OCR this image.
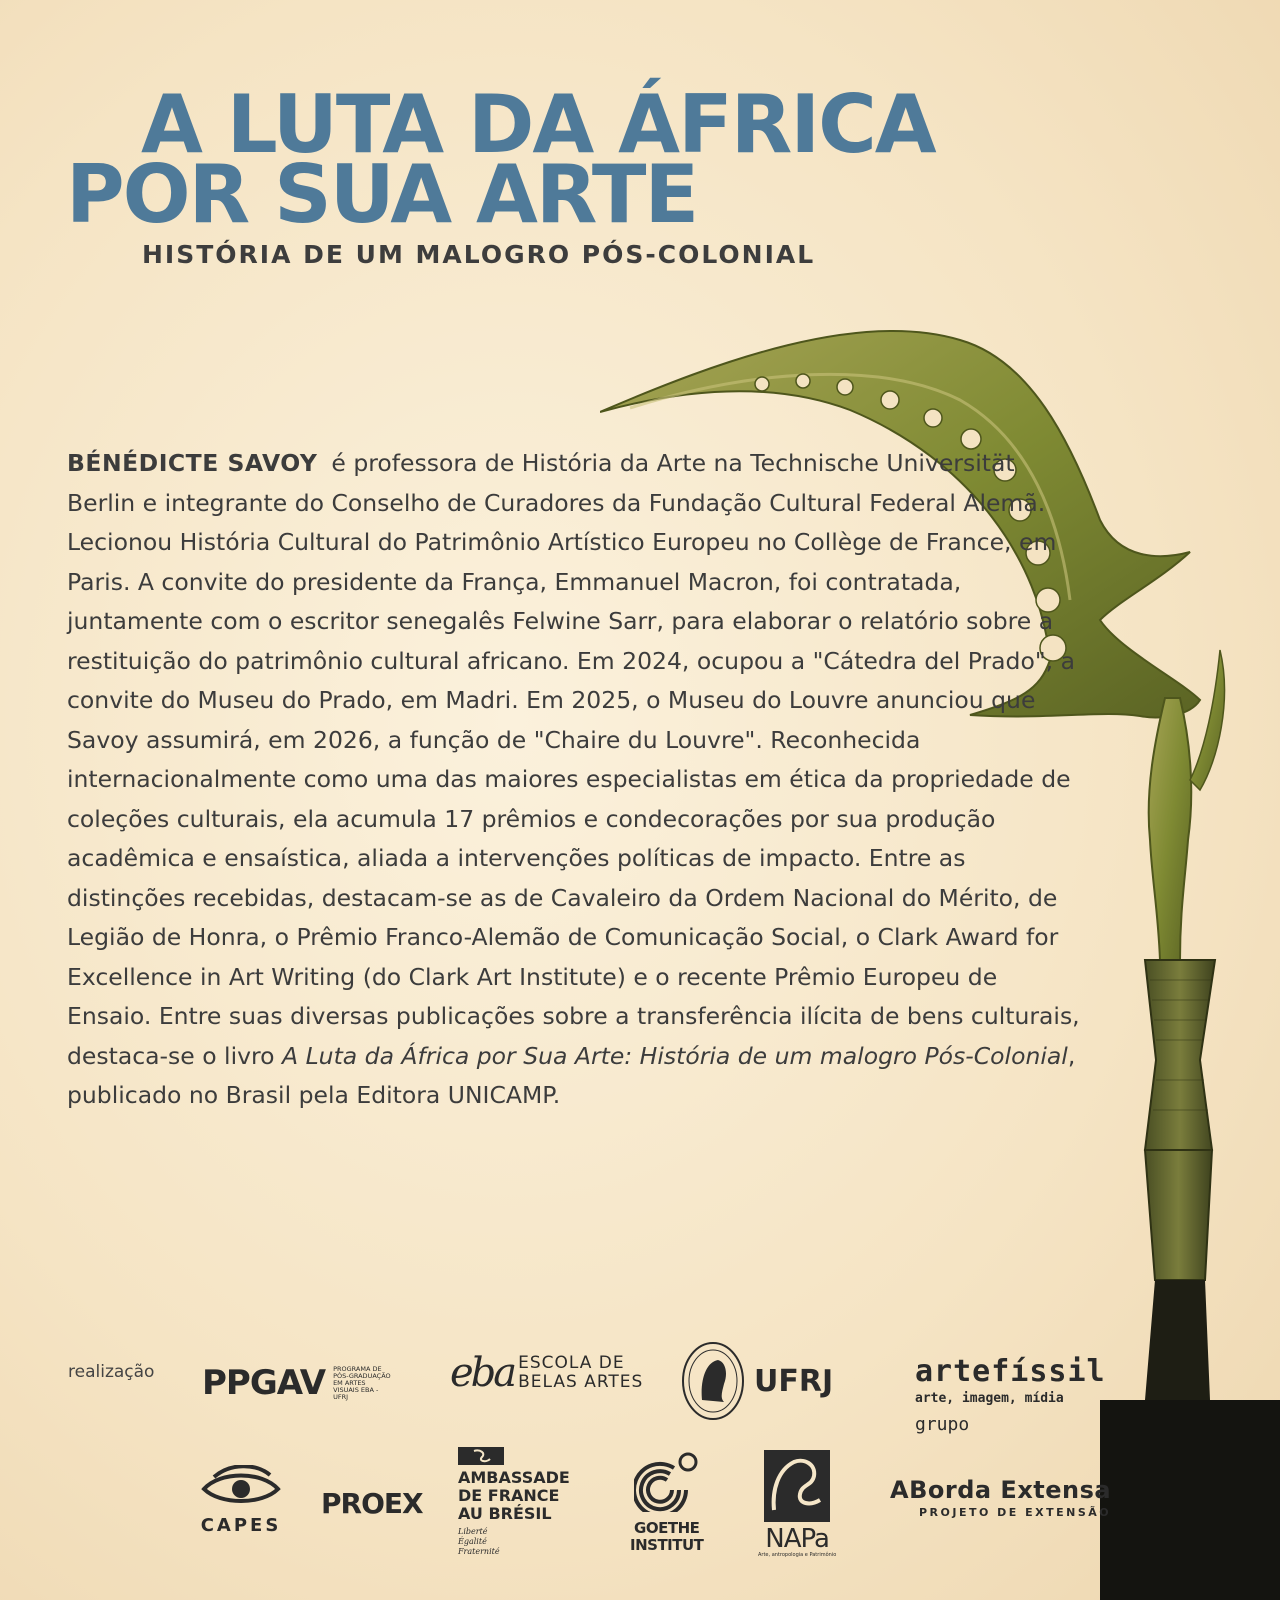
A LUTA DA ÁFRICA
POR SUA ARTE
HISTÓRIA DE UM MALOGRO PÓS-COLONIAL

BÉNÉDICTE SAVOY é professora de História da Arte na Technische Universität Berlin e integrante do Conselho de Curadores da Fundação Cultural Federal Alemã. Lecionou História Cultural do Patrimônio Artístico Europeu no Collège de France, em Paris. A convite do presidente da França, Emmanuel Macron, foi contratada, juntamente com o escritor senegalês Felwine Sarr, para elaborar o relatório sobre a restituição do patrimônio cultural africano. Em 2024, ocupou a "Cátedra del Prado", a convite do Museu do Prado, em Madri. Em 2025, o Museu do Louvre anunciou que Savoy assumirá, em 2026, a função de "Chaire du Louvre". Reconhecida internacionalmente como uma das maiores especialistas em ética da propriedade de coleções culturais, ela acumula 17 prêmios e condecorações por sua produção acadêmica e ensaística, aliada a intervenções políticas de impacto. Entre as distinções recebidas, destacam-se as de Cavaleiro da Ordem Nacional do Mérito, de Legião de Honra, o Prêmio Franco-Alemão de Comunicação Social, o Clark Award for Excellence in Art Writing (do Clark Art Institute) e o recente Prêmio Europeu de Ensaio. Entre suas diversas publicações sobre a transferência ilícita de bens culturais, destaca-se o livro A Luta da África por Sua Arte: História de um malogro Pós-Colonial, publicado no Brasil pela Editora UNICAMP.

realização PPGAV PROGRAMA DE PÓS-GRADUAÇÃO EM ARTES VISUAIS EBA - UFRJ
eba ESCOLA DE
BELAS ARTES	UFRJ	artefíssil
arte, imagem, mídia
grupo
CAPES
PROEX
AMBASSADE
DE FRANCE
AU BRÉSIL
Liberté
Égalité
Fraternité
GOETHE
INSTITUT NAPa
Arte, antropologia e Patrimônio
ABorda Extensa
PROJETO DE EXTENSÃO
